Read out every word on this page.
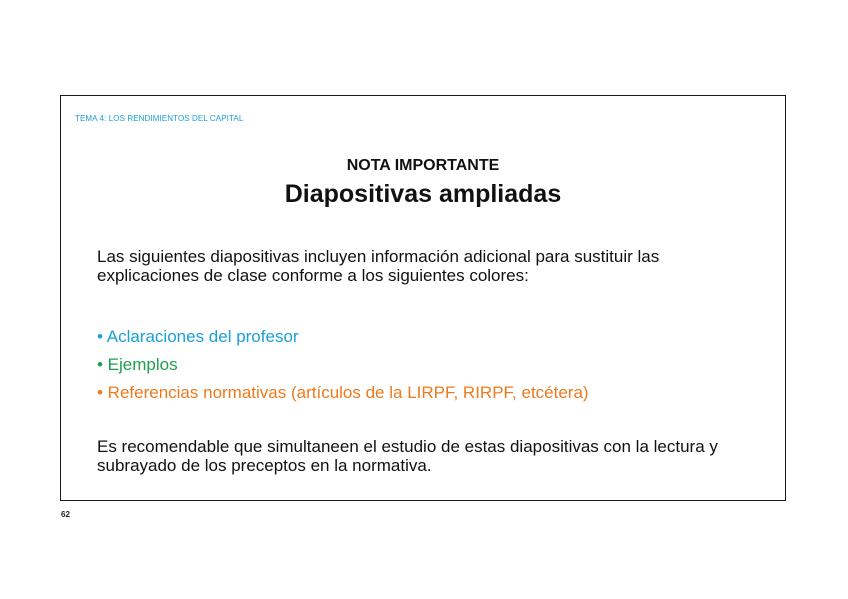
TEMA 4: LOS RENDIMIENTOS DEL CAPITAL
NOTA IMPORTANTE
Diapositivas ampliadas
Las siguientes diapositivas incluyen información adicional para sustituir las explicaciones de clase conforme a los siguientes colores:
• Aclaraciones del profesor
• Ejemplos
• Referencias normativas (artículos de la LIRPF, RIRPF, etcétera)
Es recomendable que simultaneen el estudio de estas diapositivas con la lectura y subrayado de los preceptos en la normativa.
62
